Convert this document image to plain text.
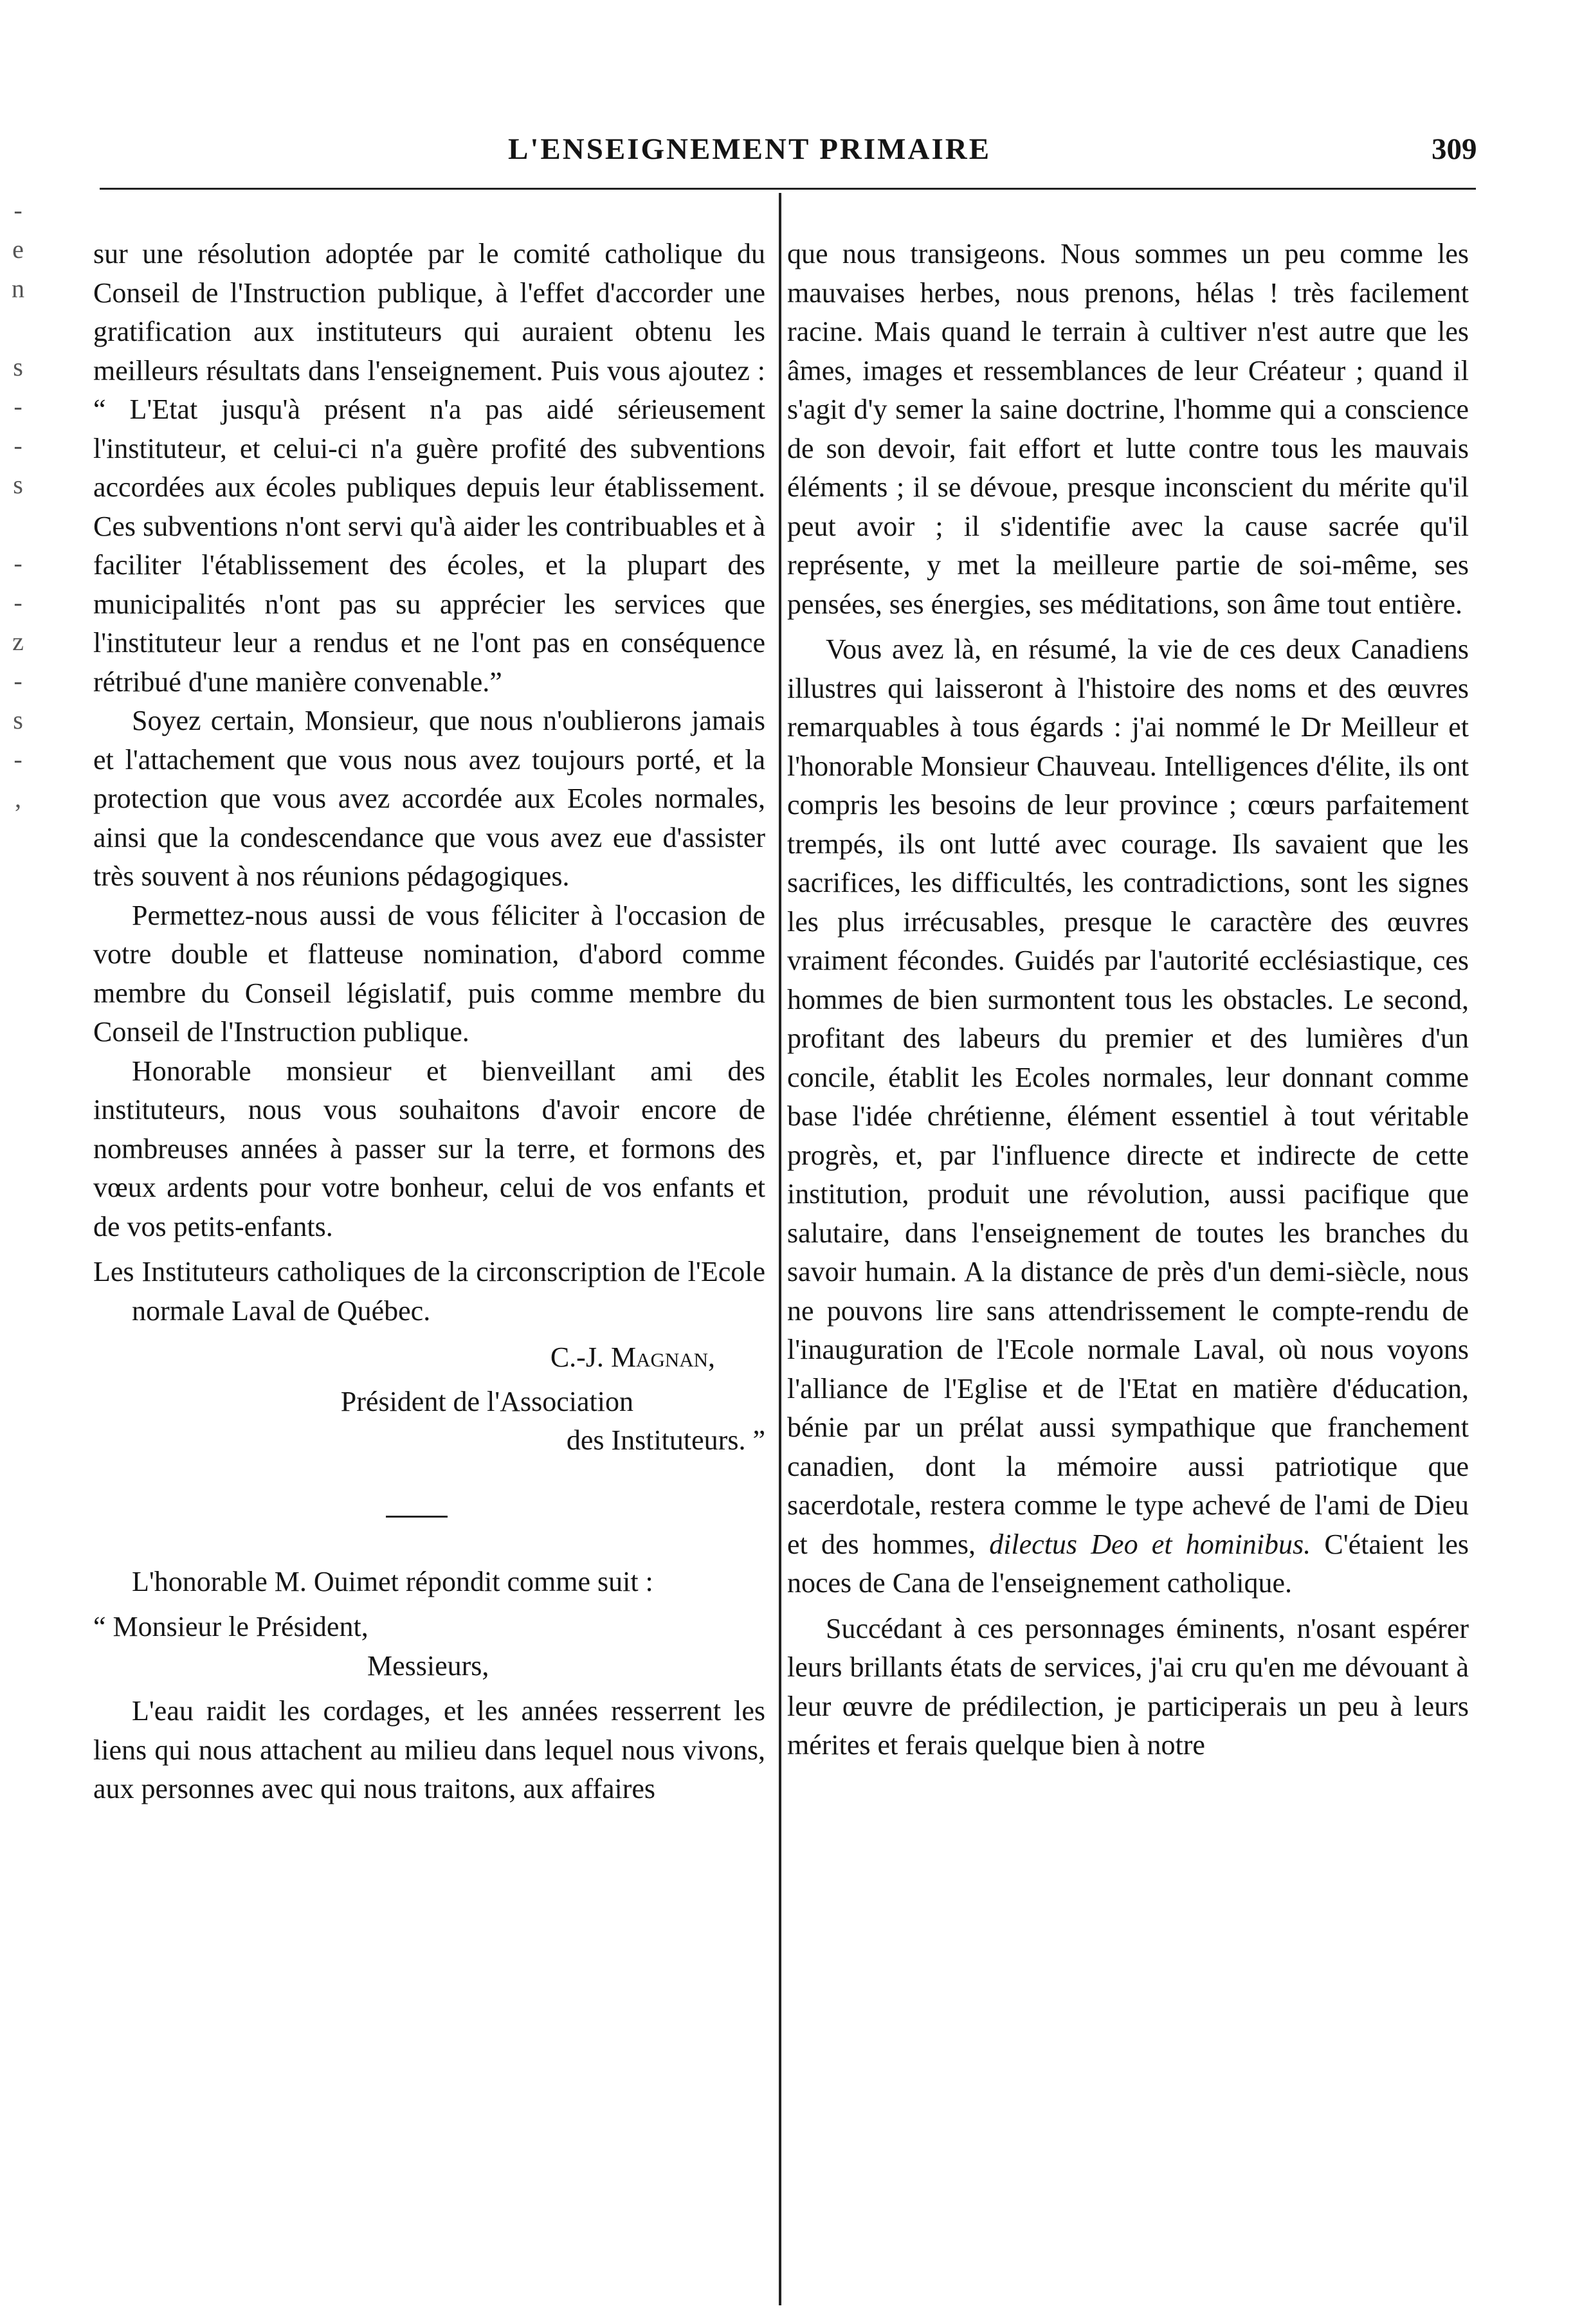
L'ENSEIGNEMENT PRIMAIRE	309
-
e
n
s
-
-
s
-
-
z
-
s
-
,

sur une résolution adoptée par le comité catholique du Conseil de l'Instruction publique, à l'effet d'accorder une gratification aux instituteurs qui auraient obtenu les meilleurs résultats dans l'enseignement. Puis vous ajoutez : “ L'Etat jusqu'à présent n'a pas aidé sérieusement l'instituteur, et celui-ci n'a guère profité des subventions accordées aux écoles publiques depuis leur établissement. Ces subventions n'ont servi qu'à aider les contribuables et à faciliter l'établissement des écoles, et la plupart des municipalités n'ont pas su apprécier les services que l'instituteur leur a rendus et ne l'ont pas en conséquence rétribué d'une manière convenable.”

Soyez certain, Monsieur, que nous n'oublierons jamais et l'attachement que vous nous avez toujours porté, et la protection que vous avez accordée aux Ecoles normales, ainsi que la condescendance que vous avez eue d'assister très souvent à nos réunions pédagogiques.

Permettez-nous aussi de vous féliciter à l'occasion de votre double et flatteuse nomination, d'abord comme membre du Conseil législatif, puis comme membre du Conseil de l'Instruction publique.

Honorable monsieur et bienveillant ami des instituteurs, nous vous souhaitons d'avoir encore de nombreuses années à passer sur la terre, et formons des vœux ardents pour votre bonheur, celui de vos enfants et de vos petits-enfants.

Les Instituteurs catholiques de la circonscription de l'Ecole normale Laval de Québec.

C.-J. Magnan,

Président de l'Association

des Instituteurs. ”

L'honorable M. Ouimet répondit comme suit :

“ Monsieur le Président,

Messieurs,

L'eau raidit les cordages, et les années resserrent les liens qui nous attachent au milieu dans lequel nous vivons, aux personnes avec qui nous traitons, aux affaires

que nous transigeons. Nous sommes un peu comme les mauvaises herbes, nous prenons, hélas ! très facilement racine. Mais quand le terrain à cultiver n'est autre que les âmes, images et ressemblances de leur Créateur ; quand il s'agit d'y semer la saine doctrine, l'homme qui a conscience de son devoir, fait effort et lutte contre tous les mauvais éléments ; il se dévoue, presque inconscient du mérite qu'il peut avoir ; il s'identifie avec la cause sacrée qu'il représente, y met la meilleure partie de soi-même, ses pensées, ses énergies, ses méditations, son âme tout entière.

Vous avez là, en résumé, la vie de ces deux Canadiens illustres qui laisseront à l'histoire des noms et des œuvres remarquables à tous égards : j'ai nommé le Dr Meilleur et l'honorable Monsieur Chauveau. Intelligences d'élite, ils ont compris les besoins de leur province ; cœurs parfaitement trempés, ils ont lutté avec courage. Ils savaient que les sacrifices, les difficultés, les contradictions, sont les signes les plus irrécusables, presque le caractère des œuvres vraiment fécondes. Guidés par l'autorité ecclésiastique, ces hommes de bien surmontent tous les obstacles. Le second, profitant des labeurs du premier et des lumières d'un concile, établit les Ecoles normales, leur donnant comme base l'idée chrétienne, élément essentiel à tout véritable progrès, et, par l'influence directe et indirecte de cette institution, produit une révolution, aussi pacifique que salutaire, dans l'enseignement de toutes les branches du savoir humain. A la distance de près d'un demi-siècle, nous ne pouvons lire sans attendrissement le compte-rendu de l'inauguration de l'Ecole normale Laval, où nous voyons l'alliance de l'Eglise et de l'Etat en matière d'éducation, bénie par un prélat aussi sympathique que franchement canadien, dont la mémoire aussi patriotique que sacerdotale, restera comme le type achevé de l'ami de Dieu et des hommes, dilectus Deo et hominibus. C'étaient les noces de Cana de l'enseignement catholique.

Succédant à ces personnages éminents, n'osant espérer leurs brillants états de services, j'ai cru qu'en me dévouant à leur œuvre de prédilection, je participerais un peu à leurs mérites et ferais quelque bien à notre
